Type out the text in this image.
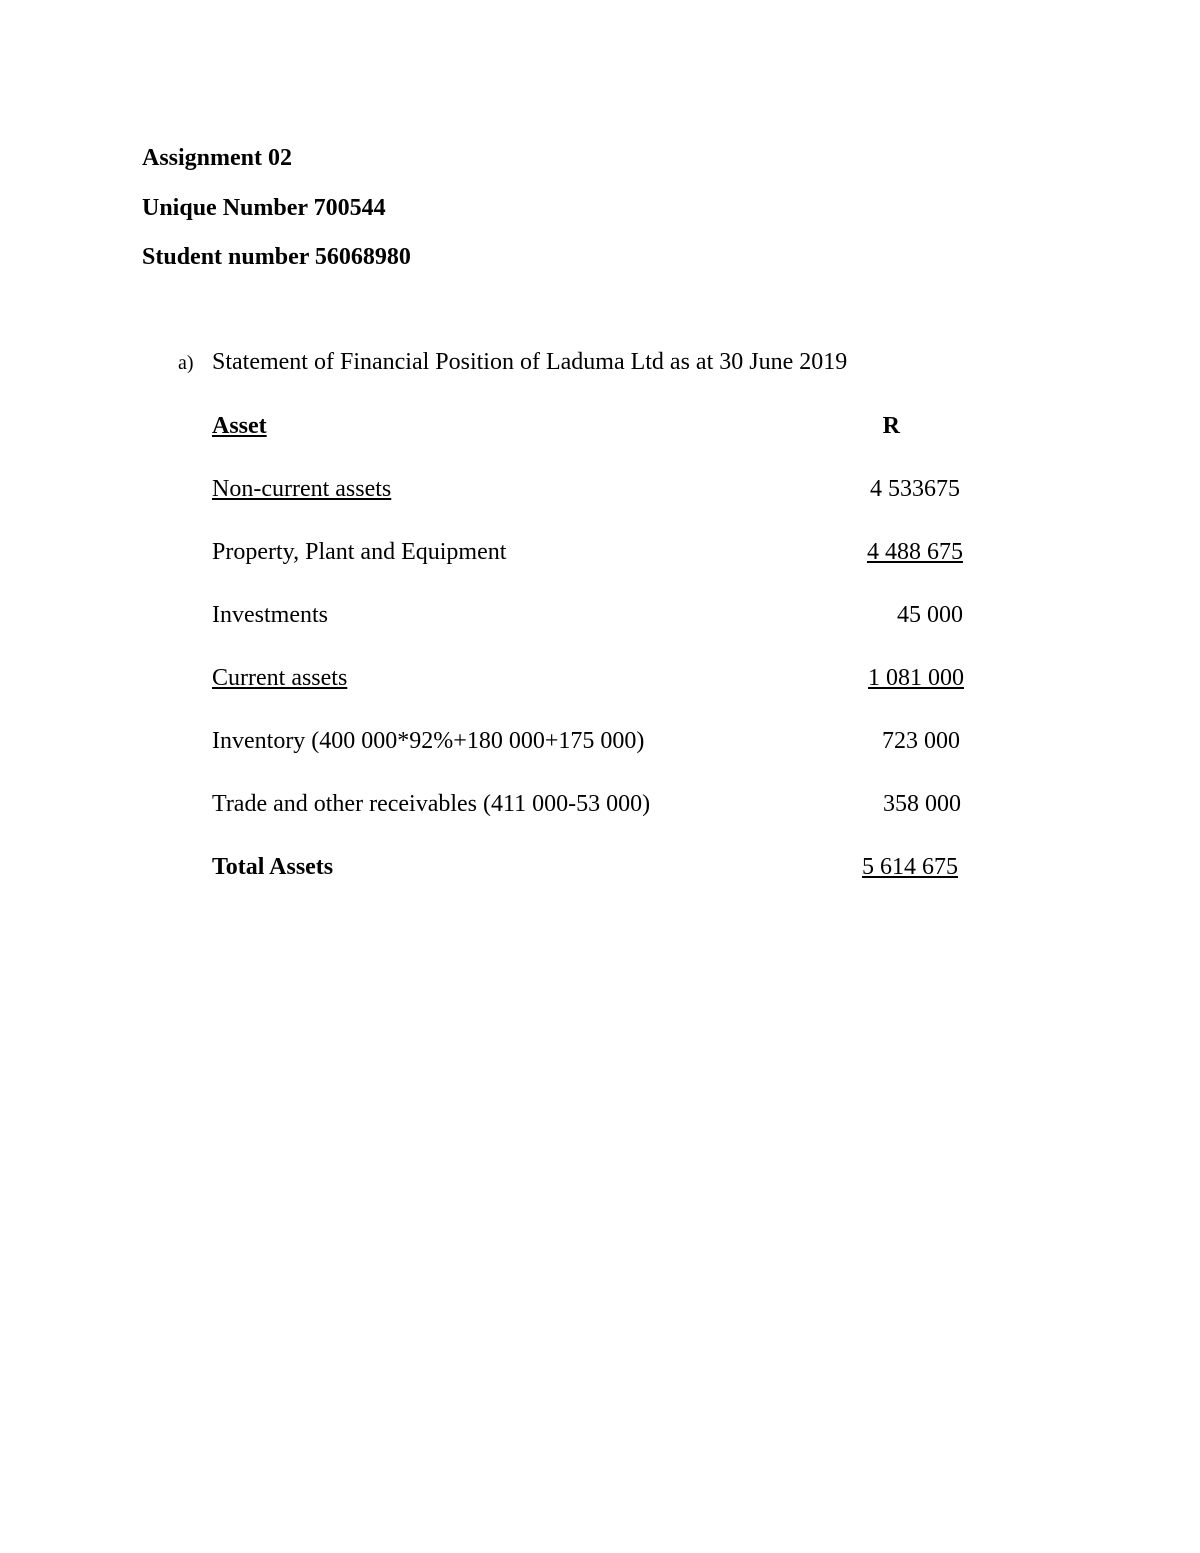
Assignment 02
Unique Number 700544
Student number 56068980
a) Statement of Financial Position of Laduma Ltd as at 30 June 2019
Asset	R
Non-current assets	4 533675
Property, Plant and Equipment	4 488 675
Investments	45 000
Current assets	1 081 000
Inventory (400 000*92%+180 000+175 000)	723 000
Trade and other receivables (411 000-53 000)	358 000
Total Assets	5 614 675
